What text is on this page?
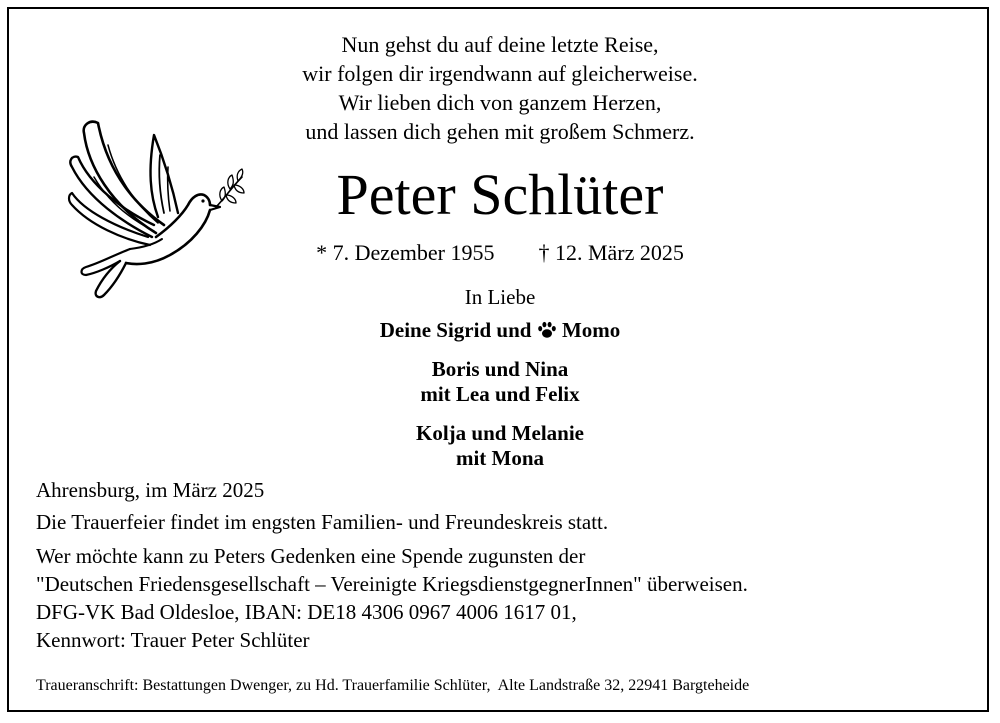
Nun gehst du auf deine letzte Reise,
wir folgen dir irgendwann auf gleicherweise.
Wir lieben dich von ganzem Herzen,
und lassen dich gehen mit großem Schmerz.
Peter Schlüter
* 7. Dezember 1955 † 12. März 2025
In Liebe
Deine Sigrid und Momo
Boris und Nina
mit Lea und Felix
Kolja und Melanie
mit Mona
Ahrensburg, im März 2025
Die Trauerfeier findet im engsten Familien- und Freundeskreis statt.
Wer möchte kann zu Peters Gedenken eine Spende zugunsten der
"Deutschen Friedensgesellschaft – Vereinigte KriegsdienstgegnerInnen" überweisen.
DFG-VK Bad Oldesloe, IBAN: DE18 4306 0967 4006 1617 01,
Kennwort: Trauer Peter Schlüter
Traueranschrift: Bestattungen Dwenger, zu Hd. Trauerfamilie Schlüter,  Alte Landstraße 32, 22941 Bargteheide
